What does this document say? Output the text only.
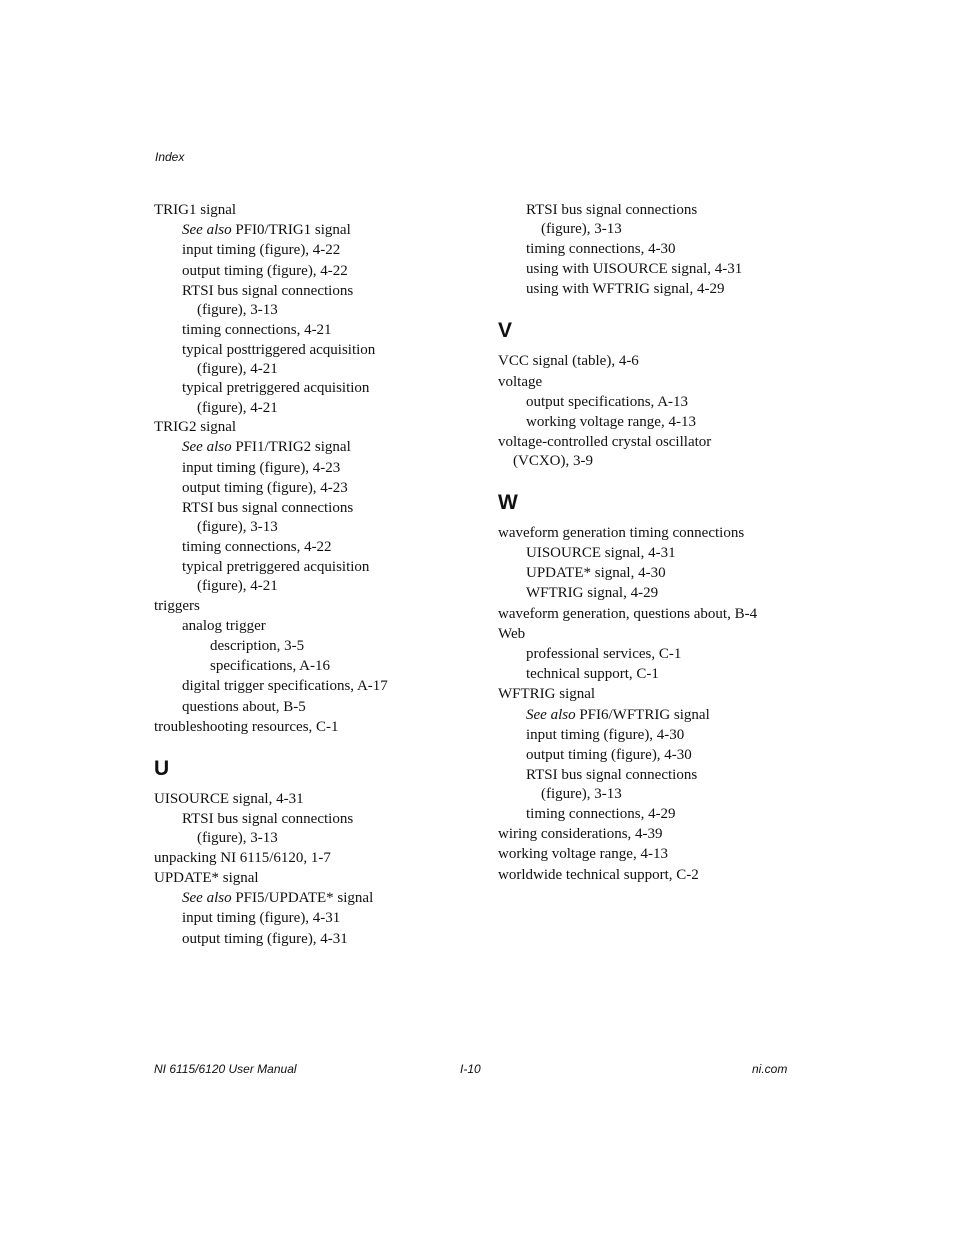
Index
TRIG1 signal
See also PFI0/TRIG1 signal
input timing (figure), 4-22
output timing (figure), 4-22
RTSI bus signal connections
(figure), 3-13
timing connections, 4-21
typical posttriggered acquisition
(figure), 4-21
typical pretriggered acquisition
(figure), 4-21
TRIG2 signal
See also PFI1/TRIG2 signal
input timing (figure), 4-23
output timing (figure), 4-23
RTSI bus signal connections
(figure), 3-13
timing connections, 4-22
typical pretriggered acquisition
(figure), 4-21
triggers
analog trigger
description, 3-5
specifications, A-16
digital trigger specifications, A-17
questions about, B-5
troubleshooting resources, C-1
U
UISOURCE signal, 4-31
RTSI bus signal connections
(figure), 3-13
unpacking NI 6115/6120, 1-7
UPDATE* signal
See also PFI5/UPDATE* signal
input timing (figure), 4-31
output timing (figure), 4-31
RTSI bus signal connections
(figure), 3-13
timing connections, 4-30
using with UISOURCE signal, 4-31
using with WFTRIG signal, 4-29
V
VCC signal (table), 4-6
voltage
output specifications, A-13
working voltage range, 4-13
voltage-controlled crystal oscillator
(VCXO), 3-9
W
waveform generation timing connections
UISOURCE signal, 4-31
UPDATE* signal, 4-30
WFTRIG signal, 4-29
waveform generation, questions about, B-4
Web
professional services, C-1
technical support, C-1
WFTRIG signal
See also PFI6/WFTRIG signal
input timing (figure), 4-30
output timing (figure), 4-30
RTSI bus signal connections
(figure), 3-13
timing connections, 4-29
wiring considerations, 4-39
working voltage range, 4-13
worldwide technical support, C-2
NI 6115/6120 User Manual	I-10	ni.com
